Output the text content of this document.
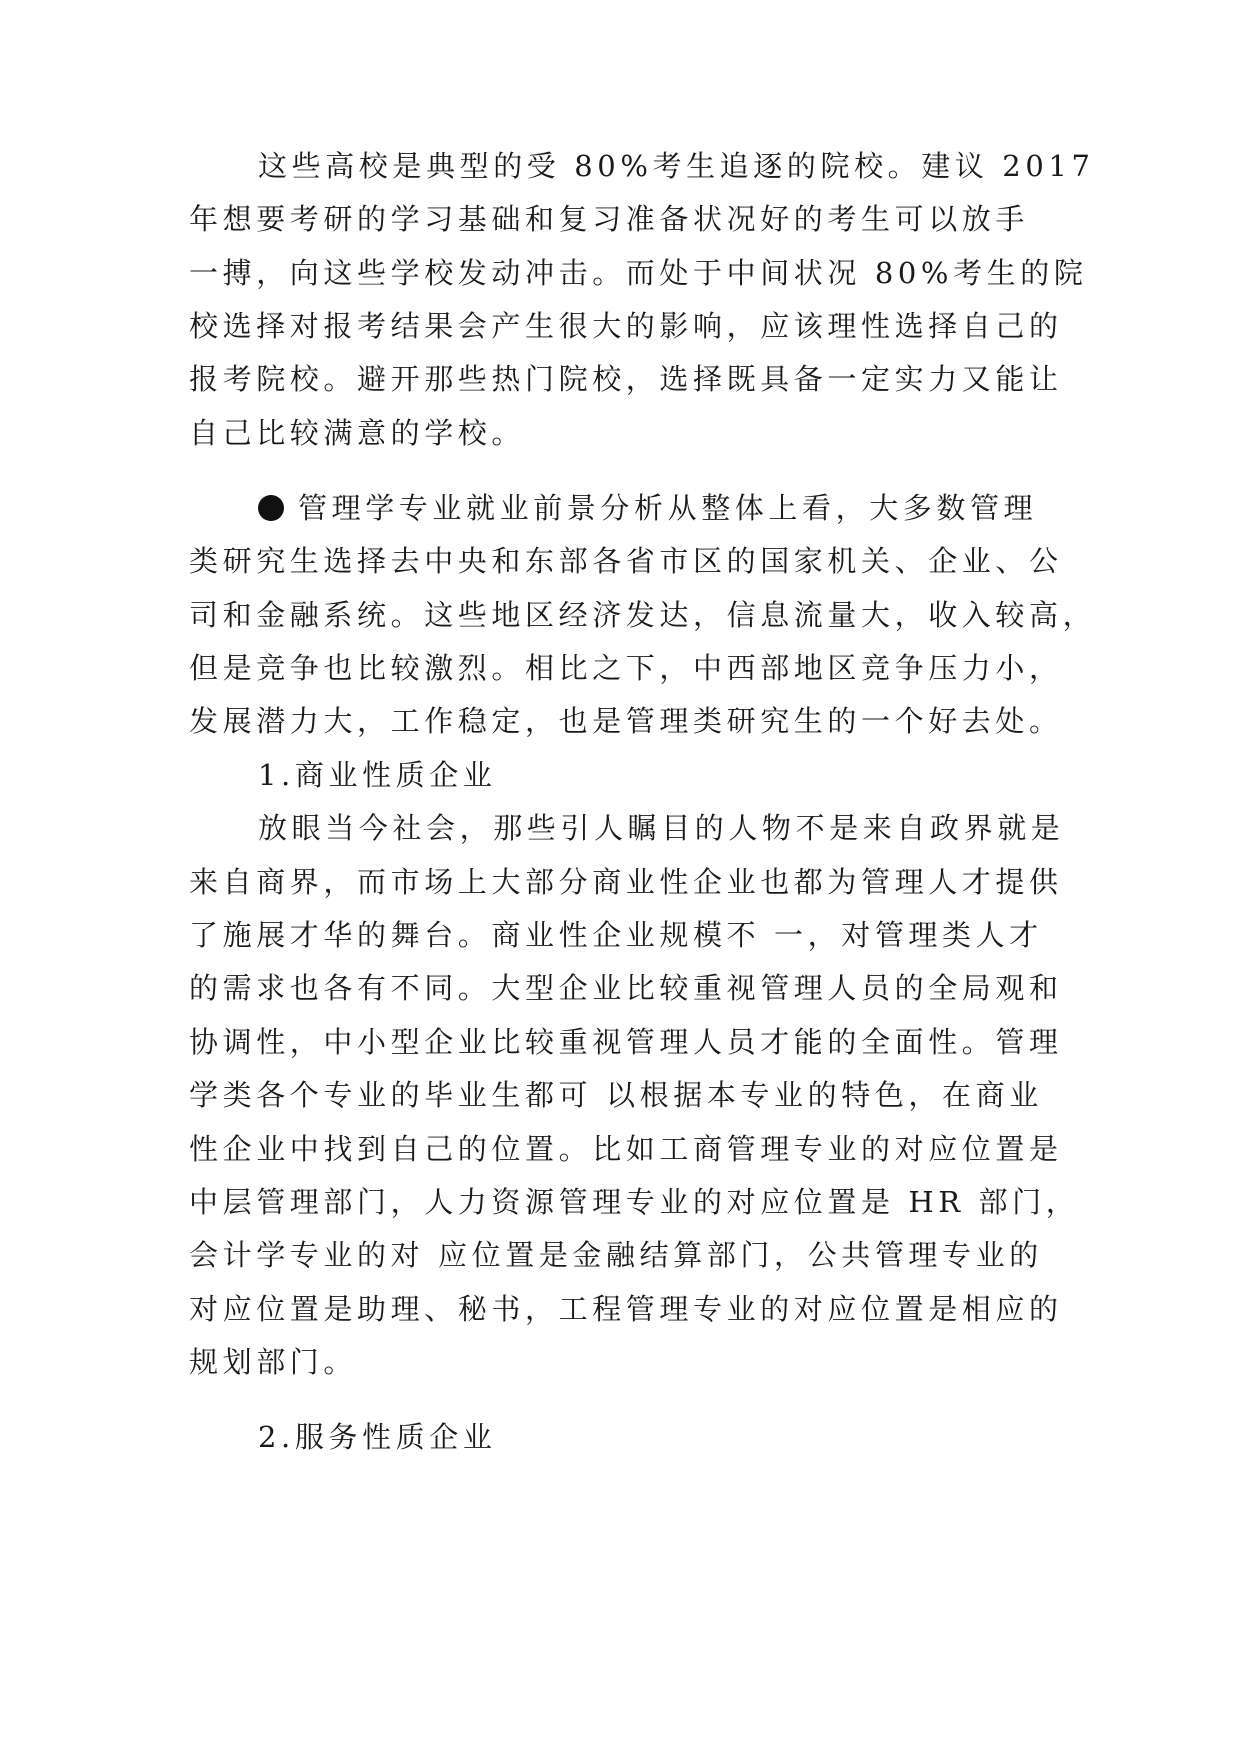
这些高校是典型的受 80%考生追逐的院校。建议 2017
年想要考研的学习基础和复习准备状况好的考生可以放手
一搏，向这些学校发动冲击。而处于中间状况 80%考生的院
校选择对报考结果会产生很大的影响，应该理性选择自己的
报考院校。避开那些热门院校，选择既具备一定实力又能让
自己比较满意的学校。
管理学专业就业前景分析从整体上看，大多数管理
类研究生选择去中央和东部各省市区的国家机关、企业、公
司和金融系统。这些地区经济发达，信息流量大，收入较高，
但是竞争也比较激烈。相比之下，中西部地区竞争压力小，
发展潜力大，工作稳定，也是管理类研究生的一个好去处。
1.商业性质企业
放眼当今社会，那些引人瞩目的人物不是来自政界就是
来自商界，而市场上大部分商业性企业也都为管理人才提供
了施展才华的舞台。商业性企业规模不 一，对管理类人才
的需求也各有不同。大型企业比较重视管理人员的全局观和
协调性，中小型企业比较重视管理人员才能的全面性。管理
学类各个专业的毕业生都可 以根据本专业的特色，在商业
性企业中找到自己的位置。比如工商管理专业的对应位置是
中层管理部门，人力资源管理专业的对应位置是 HR 部门，
会计学专业的对 应位置是金融结算部门，公共管理专业的
对应位置是助理、秘书，工程管理专业的对应位置是相应的
规划部门。
2.服务性质企业
